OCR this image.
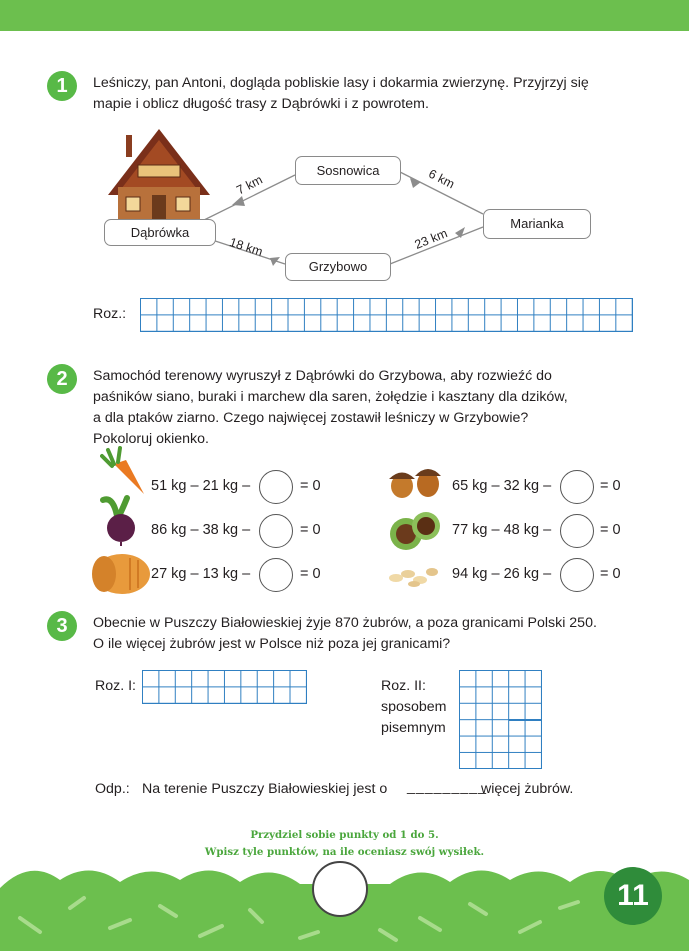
1	Leśniczy, pan Antoni, dogląda pobliskie lasy i dokarmia zwierzynę. Przyjrzyj się
mapie i oblicz długość trasy z Dąbrówki i z powrotem.
Dąbrówka
Sosnowica
Marianka
Grzybowo
7 km	6 km
23 km
18 km
Roz.:
2	Samochód terenowy wyruszył z Dąbrówki do Grzybowa, aby rozwieźć do
paśników siano, buraki i marchew dla saren, żołędzie i kasztany dla dzików,
a dla ptaków ziarno. Czego najwięcej zostawił leśniczy w Grzybowie?
Pokoloruj okienko.
51 kg – 21 kg –	= 0
86 kg – 38 kg –	= 0
27 kg – 13 kg –	= 0
65 kg – 32 kg –	= 0
77 kg – 48 kg –	= 0
94 kg – 26 kg –	= 0
3	Obecnie w Puszczy Białowieskiej żyje 870 żubrów, a poza granicami Polski 250.
O ile więcej żubrów jest w Polsce niż poza jej granicami?
Roz. I:	Roz. II:
sposobem
pisemnym
Odp.: Na terenie Puszczy Białowieskiej jest o _________
więcej żubrów.
Przydziel sobie punkty od 1 do 5.
Wpisz tyle punktów, na ile oceniasz swój wysiłek.
11
